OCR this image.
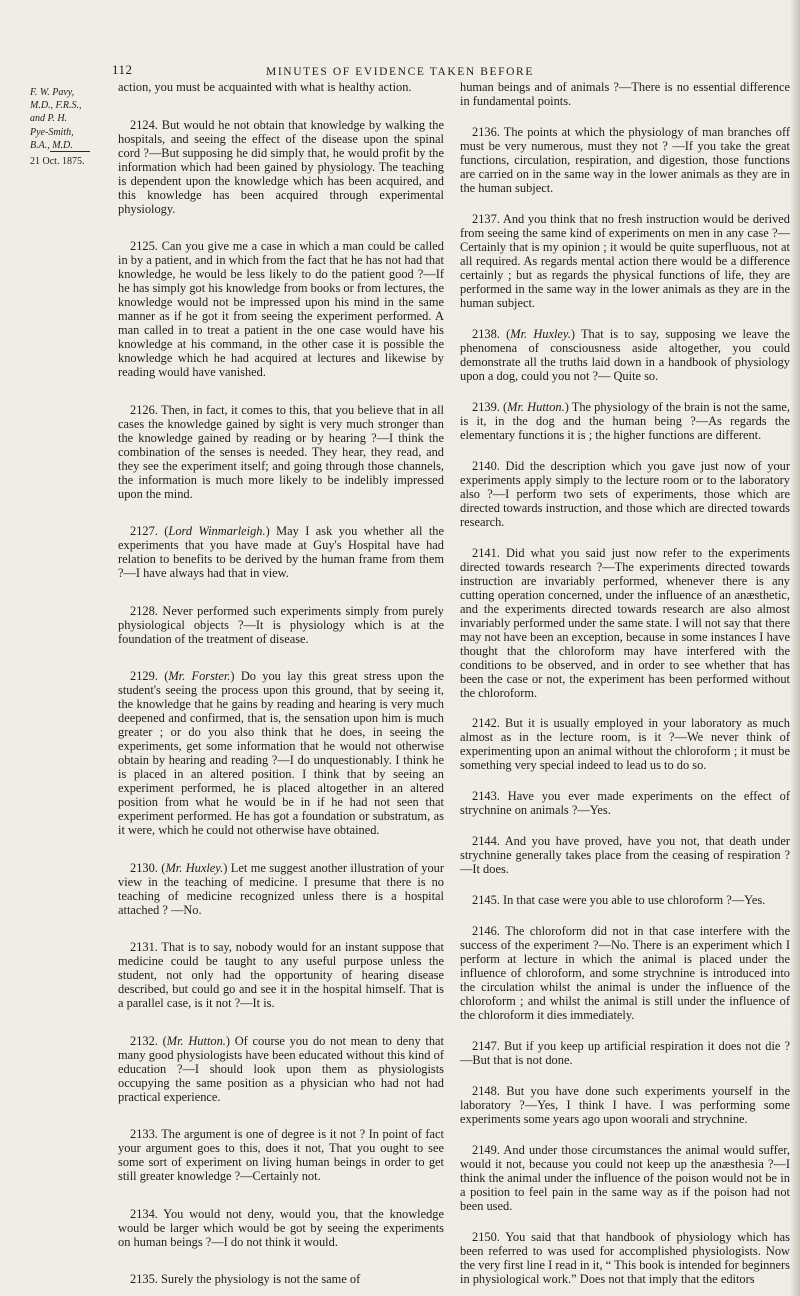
112	MINUTES OF EVIDENCE TAKEN BEFORE
F. W. Pavy,
M.D., F.R.S.,
and P. H.
Pye-Smith,
B.A., M.D.
21 Oct. 1875.

action, you must be acquainted with what is healthy action.

2124. But would he not obtain that knowledge by walking the hospitals, and seeing the effect of the disease upon the spinal cord ?—But supposing he did simply that, he would profit by the information which had been gained by physiology. The teaching is dependent upon the knowledge which has been acquired, and this knowledge has been acquired through experimental physiology.

2125. Can you give me a case in which a man could be called in by a patient, and in which from the fact that he has not had that knowledge, he would be less likely to do the patient good ?—If he has simply got his knowledge from books or from lectures, the knowledge would not be impressed upon his mind in the same manner as if he got it from seeing the experiment performed. A man called in to treat a patient in the one case would have his knowledge at his command, in the other case it is possible the knowledge which he had acquired at lectures and likewise by reading would have vanished.

2126. Then, in fact, it comes to this, that you believe that in all cases the knowledge gained by sight is very much stronger than the knowledge gained by reading or by hearing ?—I think the combination of the senses is needed. They hear, they read, and they see the experiment itself; and going through those channels, the information is much more likely to be indelibly impressed upon the mind.

2127. (Lord Winmarleigh.) May I ask you whether all the experiments that you have made at Guy's Hospital have had relation to benefits to be derived by the human frame from them ?—I have always had that in view.

2128. Never performed such experiments simply from purely physiological objects ?—It is physiology which is at the foundation of the treatment of disease.

2129. (Mr. Forster.) Do you lay this great stress upon the student's seeing the process upon this ground, that by seeing it, the knowledge that he gains by reading and hearing is very much deepened and confirmed, that is, the sensation upon him is much greater ; or do you also think that he does, in seeing the experiments, get some information that he would not otherwise obtain by hearing and reading ?—I do unquestionably. I think he is placed in an altered position. I think that by seeing an experiment performed, he is placed altogether in an altered position from what he would be in if he had not seen that experiment performed. He has got a foundation or substratum, as it were, which he could not otherwise have obtained.

2130. (Mr. Huxley.) Let me suggest another illustration of your view in the teaching of medicine. I presume that there is no teaching of medicine recognized unless there is a hospital attached ? —No.

2131. That is to say, nobody would for an instant suppose that medicine could be taught to any useful purpose unless the student, not only had the opportunity of hearing disease described, but could go and see it in the hospital himself. That is a parallel case, is it not ?—It is.

2132. (Mr. Hutton.) Of course you do not mean to deny that many good physiologists have been educated without this kind of education ?—I should look upon them as physiologists occupying the same position as a physician who had not had practical experience.

2133. The argument is one of degree is it not ? In point of fact your argument goes to this, does it not, That you ought to see some sort of experiment on living human beings in order to get still greater knowledge ?—Certainly not.

2134. You would not deny, would you, that the knowledge would be larger which would be got by seeing the experiments on human beings ?—I do not think it would.

2135. Surely the physiology is not the same of

human beings and of animals ?—There is no essential difference in fundamental points.

2136. The points at which the physiology of man branches off must be very numerous, must they not ? —If you take the great functions, circulation, respiration, and digestion, those functions are carried on in the same way in the lower animals as they are in the human subject.

2137. And you think that no fresh instruction would be derived from seeing the same kind of experiments on men in any case ?—Certainly that is my opinion ; it would be quite superfluous, not at all required. As regards mental action there would be a difference certainly ; but as regards the physical functions of life, they are performed in the same way in the lower animals as they are in the human subject.

2138. (Mr. Huxley.) That is to say, supposing we leave the phenomena of consciousness aside altogether, you could demonstrate all the truths laid down in a handbook of physiology upon a dog, could you not ?— Quite so.

2139. (Mr. Hutton.) The physiology of the brain is not the same, is it, in the dog and the human being ?—As regards the elementary functions it is ; the higher functions are different.

2140. Did the description which you gave just now of your experiments apply simply to the lecture room or to the laboratory also ?—I perform two sets of experiments, those which are directed towards instruction, and those which are directed towards research.

2141. Did what you said just now refer to the experiments directed towards research ?—The experiments directed towards instruction are invariably performed, whenever there is any cutting operation concerned, under the influence of an anæsthetic, and the experiments directed towards research are also almost invariably performed under the same state. I will not say that there may not have been an exception, because in some instances I have thought that the chloroform may have interfered with the conditions to be observed, and in order to see whether that has been the case or not, the experiment has been performed without the chloroform.

2142. But it is usually employed in your laboratory as much almost as in the lecture room, is it ?—We never think of experimenting upon an animal without the chloroform ; it must be something very special indeed to lead us to do so.

2143. Have you ever made experiments on the effect of strychnine on animals ?—Yes.

2144. And you have proved, have you not, that death under strychnine generally takes place from the ceasing of respiration ?—It does.

2145. In that case were you able to use chloroform ?—Yes.

2146. The chloroform did not in that case interfere with the success of the experiment ?—No. There is an experiment which I perform at lecture in which the animal is placed under the influence of chloroform, and some strychnine is introduced into the circulation whilst the animal is under the influence of the chloroform ; and whilst the animal is still under the influence of the chloroform it dies immediately.

2147. But if you keep up artificial respiration it does not die ?—But that is not done.

2148. But you have done such experiments yourself in the laboratory ?—Yes, I think I have. I was performing some experiments some years ago upon woorali and strychnine.

2149. And under those circumstances the animal would suffer, would it not, because you could not keep up the anæsthesia ?—I think the animal under the influence of the poison would not be in a position to feel pain in the same way as if the poison had not been used.

2150. You said that that handbook of physiology which has been referred to was used for accomplished physiologists. Now the very first line I read in it, “ This book is intended for beginners in physiological work.” Does not that imply that the editors
